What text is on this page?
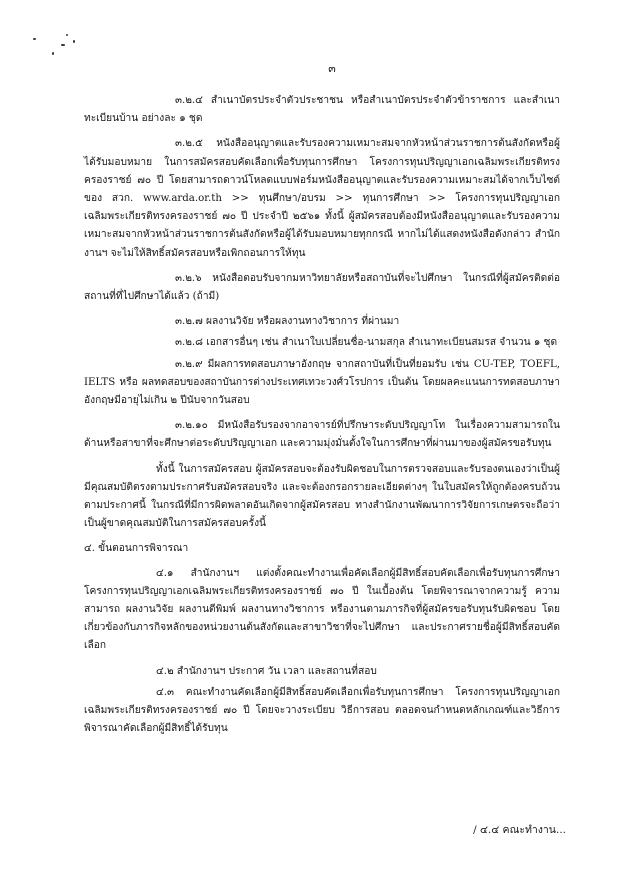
๓

๓.๒.๔ สำเนาบัตรประจำตัวประชาชน หรือสำเนาบัตรประจำตัวข้าราชการ และสำเนาทะเบียนบ้าน อย่างละ ๑ ชุด

๓.๒.๕ หนังสืออนุญาตและรับรองความเหมาะสมจากหัวหน้าส่วนราชการต้นสังกัดหรือผู้ได้รับมอบหมาย ในการสมัครสอบคัดเลือกเพื่อรับทุนการศึกษา โครงการทุนปริญญาเอกเฉลิมพระเกียรติทรงครองราชย์ ๗๐ ปี โดยสามารถดาวน์โหลดแบบฟอร์มหนังสืออนุญาตและรับรองความเหมาะสมได้จากเว็บไซต์ของ สวก. www.arda.or.th >> ทุนศึกษา/อบรม >> ทุนการศึกษา >> โครงการทุนปริญญาเอกเฉลิมพระเกียรติทรงครองราชย์ ๗๐ ปี ประจำปี ๒๕๖๑ ทั้งนี้ ผู้สมัครสอบต้องมีหนังสืออนุญาตและรับรองความเหมาะสมจากหัวหน้าส่วนราชการต้นสังกัดหรือผู้ได้รับมอบหมายทุกกรณี หากไม่ได้แสดงหนังสือดังกล่าว สำนักงานฯ จะไม่ให้สิทธิ์สมัครสอบหรือเพิกถอนการให้ทุน

๓.๒.๖ หนังสือตอบรับจากมหาวิทยาลัยหรือสถาบันที่จะไปศึกษา ในกรณีที่ผู้สมัครติดต่อสถานที่ที่ไปศึกษาได้แล้ว (ถ้ามี)

๓.๒.๗ ผลงานวิจัย หรือผลงานทางวิชาการ ที่ผ่านมา

๓.๒.๘ เอกสารอื่นๆ เช่น สำเนาใบเปลี่ยนชื่อ-นามสกุล สำเนาทะเบียนสมรส จำนวน ๑ ชุด

๓.๒.๙ มีผลการทดสอบภาษาอังกฤษ จากสถาบันที่เป็นที่ยอมรับ เช่น CU-TEP, TOEFL, IELTS หรือ ผลทดสอบของสถาบันการต่างประเทศเทวะวงศ์วโรปการ เป็นต้น โดยผลคะแนนการทดสอบภาษาอังกฤษมีอายุไม่เกิน ๒ ปีนับจากวันสอบ

๓.๒.๑๐ มีหนังสือรับรองจากอาจารย์ที่ปรึกษาระดับปริญญาโท ในเรื่องความสามารถในด้านหรือสาขาที่จะศึกษาต่อระดับปริญญาเอก และความมุ่งมั่นตั้งใจในการศึกษาที่ผ่านมาของผู้สมัครขอรับทุน

ทั้งนี้ ในการสมัครสอบ ผู้สมัครสอบจะต้องรับผิดชอบในการตรวจสอบและรับรองตนเองว่าเป็นผู้มีคุณสมบัติตรงตามประกาศรับสมัครสอบจริง และจะต้องกรอกรายละเอียดต่างๆ ในใบสมัครให้ถูกต้องครบถ้วนตามประกาศนี้ ในกรณีที่มีการผิดพลาดอันเกิดจากผู้สมัครสอบ ทางสำนักงานพัฒนาการวิจัยการเกษตรจะถือว่าเป็นผู้ขาดคุณสมบัติในการสมัครสอบครั้งนี้

๔. ขั้นตอนการพิจารณา

๔.๑ สำนักงานฯ แต่งตั้งคณะทำงานเพื่อคัดเลือกผู้มีสิทธิ์สอบคัดเลือกเพื่อรับทุนการศึกษา โครงการทุนปริญญาเอกเฉลิมพระเกียรติทรงครองราชย์ ๗๐ ปี ในเบื้องต้น โดยพิจารณาจากความรู้ ความสามารถ ผลงานวิจัย ผลงานตีพิมพ์ ผลงานทางวิชาการ หรืองานตามภารกิจที่ผู้สมัครขอรับทุนรับผิดชอบ โดยเกี่ยวข้องกับภารกิจหลักของหน่วยงานต้นสังกัดและสาขาวิชาที่จะไปศึกษา และประกาศรายชื่อผู้มีสิทธิ์สอบคัดเลือก

๔.๒ สำนักงานฯ ประกาศ วัน เวลา และสถานที่สอบ

๔.๓ คณะทำงานคัดเลือกผู้มีสิทธิ์สอบคัดเลือกเพื่อรับทุนการศึกษา โครงการทุนปริญญาเอกเฉลิมพระเกียรติทรงครองราชย์ ๗๐ ปี โดยจะวางระเบียบ วิธีการสอบ ตลอดจนกำหนดหลักเกณฑ์และวิธีการพิจารณาคัดเลือกผู้มีสิทธิ์ได้รับทุน

/ ๔.๔ คณะทำงาน...
